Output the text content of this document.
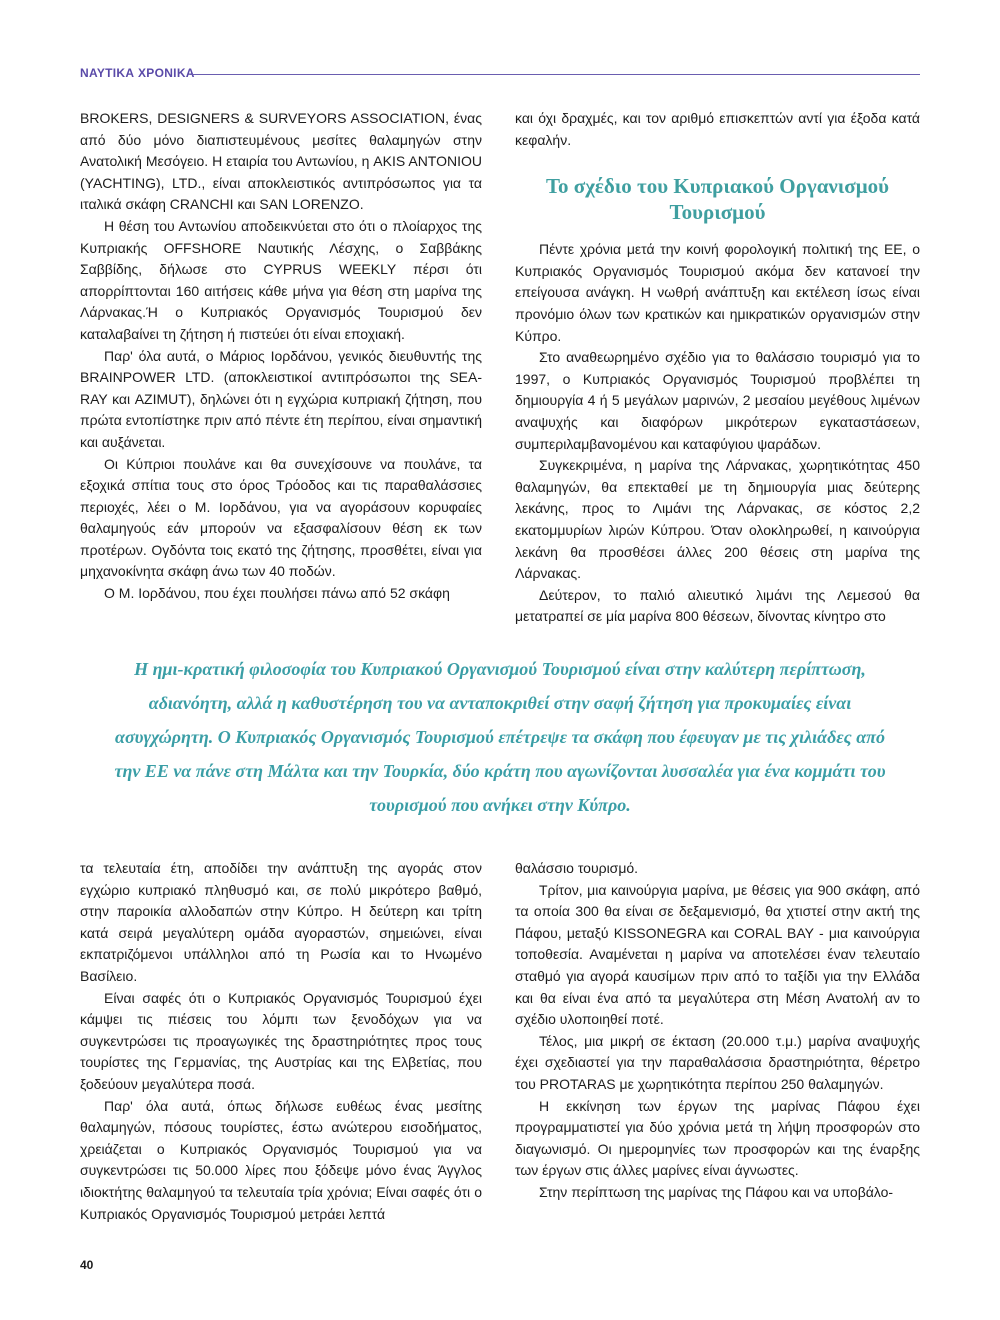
ΝΑΥΤΙΚΑ ΧΡΟΝΙΚΑ

BROKERS, DESIGNERS & SURVEYORS ASSOCIATION, ένας από δύο μόνο διαπιστευμένους μεσίτες θαλαμηγών στην Ανατολική Μεσόγειο. Η εταιρία του Αντωνίου, η AKIS ANTONIOU (YACHTING), LTD., είναι αποκλειστικός αντιπρόσωπος για τα ιταλικά σκάφη CRANCHI και SAN LORENZO.

Η θέση του Αντωνίου αποδεικνύεται στο ότι ο πλοίαρχος της Κυπριακής OFFSHORE Ναυτικής Λέσχης, ο Σαββάκης Σαββίδης, δήλωσε στο CYPRUS WEEKLY πέρσι ότι απορρίπτονται 160 αιτήσεις κάθε μήνα για θέση στη μαρίνα της Λάρνακας.Ή ο Κυπριακός Οργανισμός Τουρισμού δεν καταλαβαίνει τη ζήτηση ή πιστεύει ότι είναι εποχιακή.

Παρ' όλα αυτά, ο Μάριος Ιορδάνου, γενικός διευθυντής της BRAINPOWER LTD. (αποκλειστικοί αντιπρόσωποι της SEA-RAY και AZIMUT), δηλώνει ότι η εγχώρια κυπριακή ζήτηση, που πρώτα εντοπίστηκε πριν από πέντε έτη περίπου, είναι σημαντική και αυξάνεται.

Οι Κύπριοι πουλάνε και θα συνεχίσουνε να πουλάνε, τα εξοχικά σπίτια τους στο όρος Τρόοδος και τις παραθαλάσσιες περιοχές, λέει ο Μ. Ιορδάνου, για να αγοράσουν κορυφαίες θαλαμηγούς εάν μπορούν να εξασφαλίσουν θέση εκ των προτέρων. Ογδόντα τοις εκατό της ζήτησης, προσθέτει, είναι για μηχανοκίνητα σκάφη άνω των 40 ποδών.

Ο Μ. Ιορδάνου, που έχει πουλήσει πάνω από 52 σκάφη

και όχι δραχμές, και τον αριθμό επισκεπτών αντί για έξοδα κατά κεφαλήν.

Το σχέδιο του Κυπριακού Οργανισμού Τουρισμού

Πέντε χρόνια μετά την κοινή φορολογική πολιτική της ΕΕ, ο Κυπριακός Οργανισμός Τουρισμού ακόμα δεν κατανοεί την επείγουσα ανάγκη. Η νωθρή ανάπτυξη και εκτέλεση ίσως είναι προνόμιο όλων των κρατικών και ημικρατικών οργανισμών στην Κύπρο.

Στο αναθεωρημένο σχέδιο για το θαλάσσιο τουρισμό για το 1997, ο Κυπριακός Οργανισμός Τουρισμού προβλέπει τη δημιουργία 4 ή 5 μεγάλων μαρινών, 2 μεσαίου μεγέθους λιμένων αναψυχής και διαφόρων μικρότερων εγκαταστάσεων, συμπεριλαμβανομένου και καταφύγιου ψαράδων.

Συγκεκριμένα, η μαρίνα της Λάρνακας, χωρητικότητας 450 θαλαμηγών, θα επεκταθεί με τη δημιουργία μιας δεύτερης λεκάνης, προς το Λιμάνι της Λάρνακας, σε κόστος 2,2 εκατομμυρίων λιρών Κύπρου. Όταν ολοκληρωθεί, η καινούργια λεκάνη θα προσθέσει άλλες 200 θέσεις στη μαρίνα της Λάρνακας.

Δεύτερον, το παλιό αλιευτικό λιμάνι της Λεμεσού θα μετατραπεί σε μία μαρίνα 800 θέσεων, δίνοντας κίνητρο στο

Η ημι-κρατική φιλοσοφία του Κυπριακού Οργανισμού Τουρισμού είναι στην καλύτερη περίπτωση, αδιανόητη, αλλά η καθυστέρηση του να ανταποκριθεί στην σαφή ζήτηση για προκυμαίες είναι ασυγχώρητη. Ο Κυπριακός Οργανισμός Τουρισμού επέτρεψε τα σκάφη που έφευγαν με τις χιλιάδες από την ΕΕ να πάνε στη Μάλτα και την Τουρκία, δύο κράτη που αγωνίζονται λυσσαλέα για ένα κομμάτι του τουρισμού που ανήκει στην Κύπρο.

τα τελευταία έτη, αποδίδει την ανάπτυξη της αγοράς στον εγχώριο κυπριακό πληθυσμό και, σε πολύ μικρότερο βαθμό, στην παροικία αλλοδαπών στην Κύπρο. Η δεύτερη και τρίτη κατά σειρά μεγαλύτερη ομάδα αγοραστών, σημειώνει, είναι εκπατριζόμενοι υπάλληλοι από τη Ρωσία και το Ηνωμένο Βασίλειο.

Είναι σαφές ότι ο Κυπριακός Οργανισμός Τουρισμού έχει κάμψει τις πιέσεις του λόμπι των ξενοδόχων για να συγκεντρώσει τις προαγωγικές της δραστηριότητες προς τους τουρίστες της Γερμανίας, της Αυστρίας και της Ελβετίας, που ξοδεύουν μεγαλύτερα ποσά.

Παρ' όλα αυτά, όπως δήλωσε ευθέως ένας μεσίτης θαλαμηγών, πόσους τουρίστες, έστω ανώτερου εισοδήματος, χρειάζεται ο Κυπριακός Οργανισμός Τουρισμού για να συγκεντρώσει τις 50.000 λίρες που ξόδεψε μόνο ένας Άγγλος ιδιοκτήτης θαλαμηγού τα τελευταία τρία χρόνια; Είναι σαφές ότι ο Κυπριακός Οργανισμός Τουρισμού μετράει λεπτά

θαλάσσιο τουρισμό.

Τρίτον, μια καινούργια μαρίνα, με θέσεις για 900 σκάφη, από τα οποία 300 θα είναι σε δεξαμενισμό, θα χτιστεί στην ακτή της Πάφου, μεταξύ KISSONEGRA και CORAL BAY - μια καινούργια τοποθεσία. Αναμένεται η μαρίνα να αποτελέσει έναν τελευταίο σταθμό για αγορά καυσίμων πριν από το ταξίδι για την Ελλάδα και θα είναι ένα από τα μεγαλύτερα στη Μέση Ανατολή αν το σχέδιο υλοποιηθεί ποτέ.

Τέλος, μια μικρή σε έκταση (20.000 τ.μ.) μαρίνα αναψυχής έχει σχεδιαστεί για την παραθαλάσσια δραστηριότητα, θέρετρο του PROTARAS με χωρητικότητα περίπου 250 θαλαμηγών.

Η εκκίνηση των έργων της μαρίνας Πάφου έχει προγραμματιστεί για δύο χρόνια μετά τη λήψη προσφορών στο διαγωνισμό. Οι ημερομηνίες των προσφορών και της έναρξης των έργων στις άλλες μαρίνες είναι άγνωστες.

Στην περίπτωση της μαρίνας της Πάφου και να υποβάλο-

40
